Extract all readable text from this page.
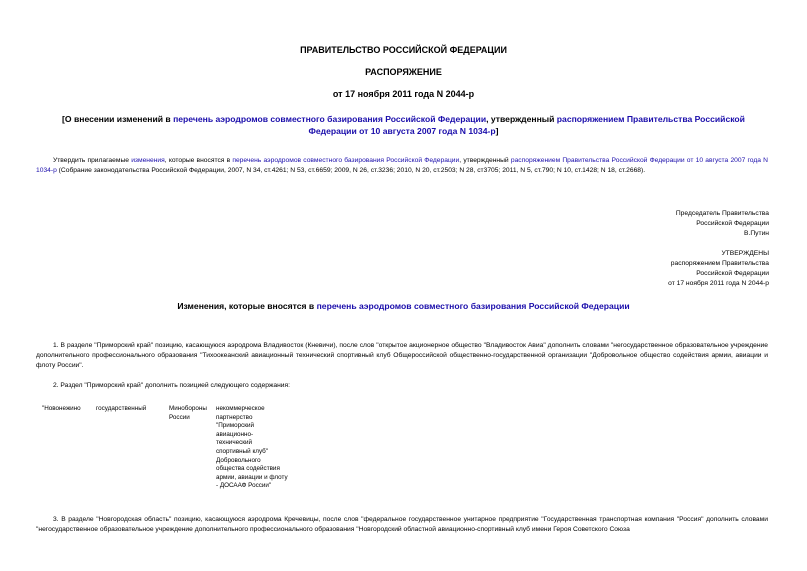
ПРАВИТЕЛЬСТВО РОССИЙСКОЙ ФЕДЕРАЦИИ
РАСПОРЯЖЕНИЕ
от 17 ноября 2011 года N 2044-р
[О внесении изменений в перечень аэродромов совместного базирования Российской Федерации, утвержденный распоряжением Правительства Российской Федерации от 10 августа 2007 года N 1034-р]
Утвердить прилагаемые изменения, которые вносятся в перечень аэродромов совместного базирования Российской Федерации, утвержденный распоряжением Правительства Российской Федерации от 10 августа 2007 года N 1034-р (Собрание законодательства Российской Федерации, 2007, N 34, ст.4261; N 53, ст.6659; 2009, N 26, ст.3236; 2010, N 20, ст.2503; N 28, ст3705; 2011, N 5, ст.790; N 10, ст.1428; N 18, ст.2668).
Председатель Правительства
Российской Федерации
В.Путин
УТВЕРЖДЕНЫ
распоряжением Правительства
Российской Федерации
от 17 ноября 2011 года N 2044-р
Изменения, которые вносятся в перечень аэродромов совместного базирования Российской Федерации
1. В разделе "Приморский край" позицию, касающуюся аэродрома Владивосток (Кневичи), после слов "открытое акционерное общество "Владивосток Авиа" дополнить словами "негосударственное образовательное учреждение дополнительного профессионального образования "Тихоокеанский авиационный технический спортивный клуб Общероссийской общественно-государственной организации "Добровольное общество содействия армии, авиации и флоту России".
2. Раздел "Приморский край" дополнить позицией следующего содержания:
"Новонежино	государственный	Минобороны России
некоммерческое партнерство "Приморский авиационно-технический спортивный клуб" Добровольного общества содействия армии, авиации и флоту - ДОСААФ России"
3. В разделе "Новгородская область" позицию, касающуюся аэродрома Кречевицы, после слов "федеральное государственное унитарное предприятие "Государственная транспортная компания "Россия" дополнить словами "негосударственное образовательное учреждение дополнительного профессионального образования "Новгородский областной авиационно-спортивный клуб имени Героя Советского Союза
